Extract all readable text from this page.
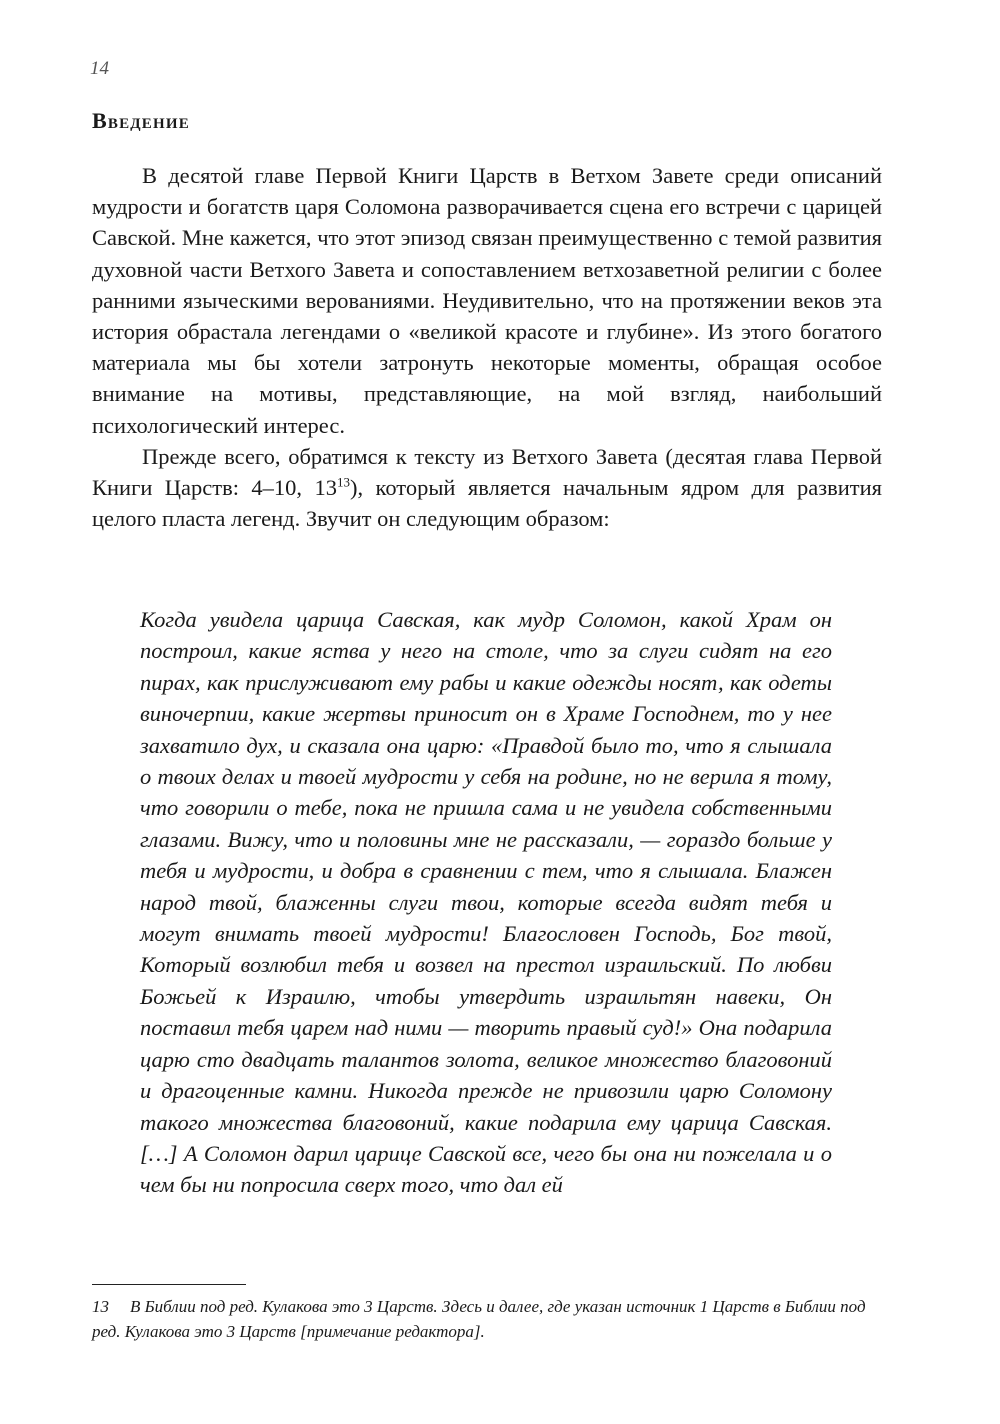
14
Введение

В десятой главе Первой Книги Царств в Ветхом Завете среди описаний мудрости и богатств царя Соломона разворачивается сцена его встречи с царицей Савской. Мне кажется, что этот эпизод связан преимущественно с темой развития духовной части Ветхого Завета и сопоставлением ветхозаветной религии с более ранними языческими верованиями. Неудивительно, что на протяжении веков эта история обрастала легендами о «великой красоте и глубине». Из этого богатого материала мы бы хотели затронуть некоторые моменты, обращая особое внимание на мотивы, представляющие, на мой взгляд, наибольший психологический интерес.

Прежде всего, обратимся к тексту из Ветхого Завета (десятая глава Первой Книги Царств: 4–10, $13^{13}$), который является начальным ядром для развития целого пласта легенд. Звучит он следующим образом:

Когда увидела царица Савская, как мудр Соломон, какой Храм он построил, какие яства у него на столе, что за слуги сидят на его пирах, как прислуживают ему рабы и какие одежды носят, как одеты виночерпии, какие жертвы приносит он в Храме Господнем, то у нее захватило дух, и сказала она царю: «Правдой было то, что я слышала о твоих делах и твоей мудрости у себя на родине, но не верила я тому, что говорили о тебе, пока не пришла сама и не увидела собственными глазами. Вижу, что и половины мне не рассказали, — гораздо больше у тебя и мудрости, и добра в сравнении с тем, что я слышала. Блажен народ твой, блаженны слуги твои, которые всегда видят тебя и могут внимать твоей мудрости! Благословен Господь, Бог твой, Который возлюбил тебя и возвел на престол израильский. По любви Божьей к Израилю, чтобы утвердить израильтян навеки, Он поставил тебя царем над ними — творить правый суд!» Она подарила царю сто двадцать талантов золота, великое множество благовоний и драгоценные камни. Никогда прежде не привозили царю Соломону такого множества благовоний, какие подарила ему царица Савская. […] А Соломон дарил царице Савской все, чего бы она ни пожелала и о чем бы ни попросила сверх того, что дал ей
13 В Библии под ред. Кулакова это 3 Царств. Здесь и далее, где указан источник 1 Царств в Библии под ред. Кулакова это 3 Царств [примечание редактора].
